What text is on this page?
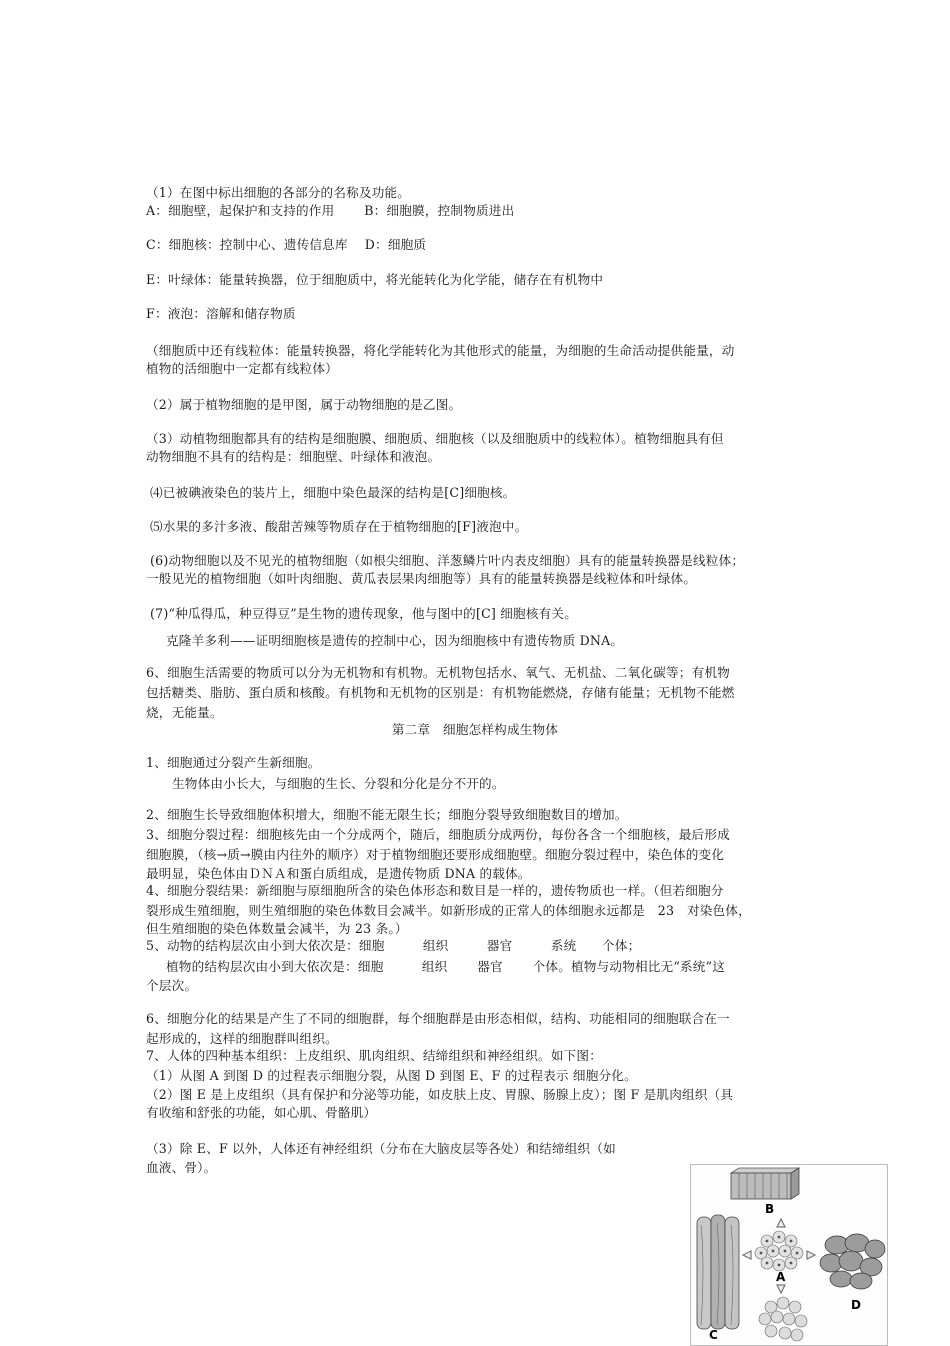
（1）在图中标出细胞的各部分的名称及功能。
A：细胞壁，起保护和支持的作用　　 B：细胞膜，控制物质进出
C：细胞核：控制中心、遗传信息库　 D：细胞质
E：叶绿体：能量转换器，位于细胞质中，将光能转化为化学能，储存在有机物中
F：液泡：溶解和储存物质
（细胞质中还有线粒体：能量转换器，将化学能转化为其他形式的能量，为细胞的生命活动提供能量，动
植物的活细胞中一定都有线粒体）
（2）属于植物细胞的是甲图，属于动物细胞的是乙图。
（3）动植物细胞都具有的结构是细胞膜、细胞质、细胞核（以及细胞质中的线粒体）。植物细胞具有但
动物细胞不具有的结构是：细胞壁、叶绿体和液泡。
⑷已被碘液染色的装片上，细胞中染色最深的结构是[C]细胞核。
⑸水果的多汁多液、酸甜苦辣等物质存在于植物细胞的[F]液泡中。
(6)动物细胞以及不见光的植物细胞（如根尖细胞、洋葱鳞片叶内表皮细胞）具有的能量转换器是线粒体；
一般见光的植物细胞（如叶肉细胞、黄瓜表层果肉细胞等）具有的能量转换器是线粒体和叶绿体。
(7)“种瓜得瓜，种豆得豆”是生物的遗传现象，他与图中的[C] 细胞核有关。
克隆羊多利——证明细胞核是遗传的控制中心，因为细胞核中有遗传物质 DNA。
6、细胞生活需要的物质可以分为无机物和有机物。无机物包括水、氧气、无机盐、二氧化碳等；有机物
包括糖类、脂肪、蛋白质和核酸。有机物和无机物的区别是：有机物能燃烧，存储有能量；无机物不能燃
烧，无能量。
第二章　细胞怎样构成生物体
1、细胞通过分裂产生新细胞。
生物体由小长大，与细胞的生长、分裂和分化是分不开的。
2、细胞生长导致细胞体积增大，细胞不能无限生长；细胞分裂导致细胞数目的增加。
3、细胞分裂过程：细胞核先由一个分成两个，随后，细胞质分成两份，每份各含一个细胞核，最后形成
细胞膜，（核→质→膜由内往外的顺序）对于植物细胞还要形成细胞壁。细胞分裂过程中，染色体的变化
最明显，染色体由ＤＮＡ和蛋白质组成，是遗传物质 DNA 的载体。
4、细胞分裂结果：新细胞与原细胞所含的染色体形态和数目是一样的，遗传物质也一样。（但若细胞分
裂形成生殖细胞，则生殖细胞的染色体数目会减半。如新形成的正常人的体细胞永远都是　23　对染色体，
但生殖细胞的染色体数量会减半，为 23 条。）
5、动物的结构层次由小到大依次是：细胞　　　组织　　　器官　　　系统　　个体；
植物的结构层次由小到大依次是：细胞　　　组织　　 器官　　 个体。植物与动物相比无“系统”这
个层次。
6、细胞分化的结果是产生了不同的细胞群，每个细胞群是由形态相似，结构、功能相同的细胞联合在一
起形成的，这样的细胞群叫组织。
7、人体的四种基本组织：上皮组织、肌肉组织、结缔组织和神经组织。如下图：
（1）从图 A 到图 D 的过程表示细胞分裂，从图 D 到图 E、F 的过程表示 细胞分化。
（2）图 E 是上皮组织（具有保护和分泌等功能，如皮肤上皮、胃腺、肠腺上皮）；图 F 是肌肉组织（具
有收缩和舒张的功能，如心肌、骨骼肌）
（3）除 E、F 以外，人体还有神经组织（分布在大脑皮层等各处）和结缔组织（如
血液、骨）。
B
C
A
D
